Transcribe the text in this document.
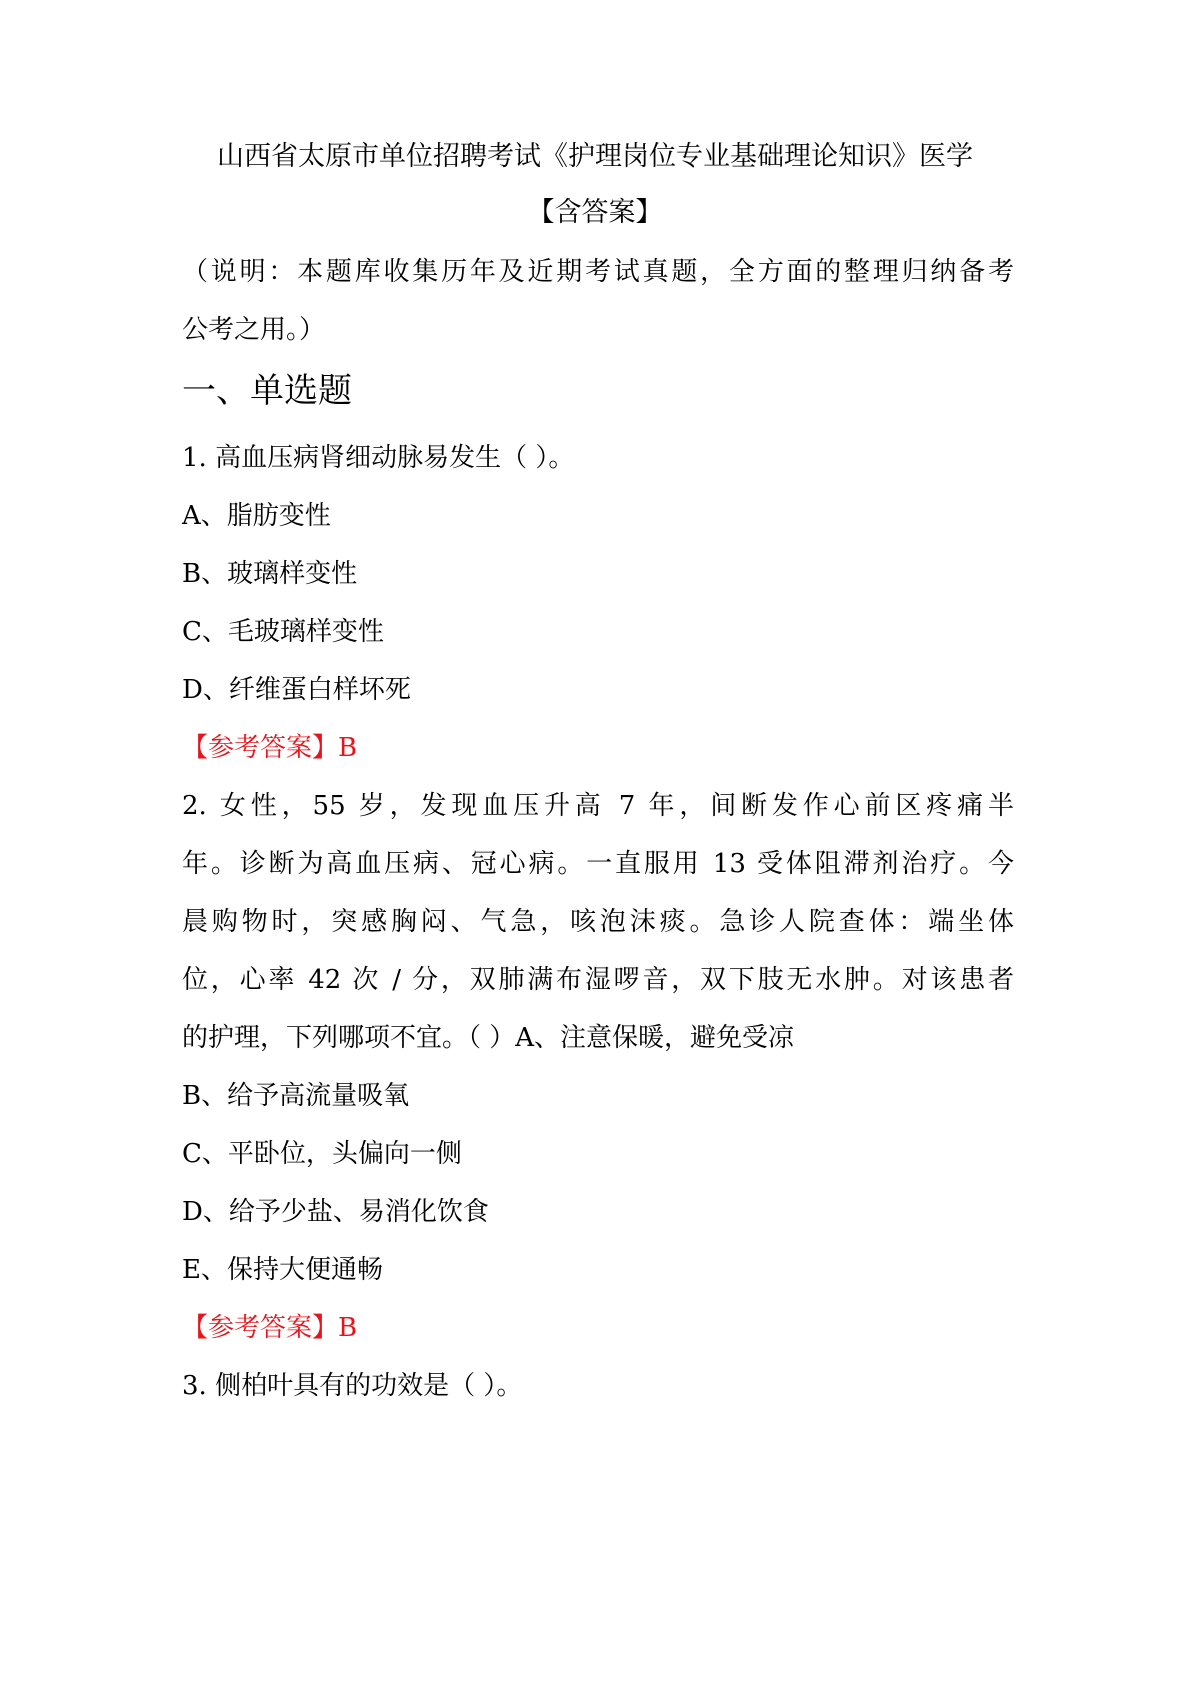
山西省太原市单位招聘考试《护理岗位专业基础理论知识》医学
【含答案】
（说明：本题库收集历年及近期考试真题，全方面的整理归纳备考
公考之用。）
一、单选题
1. 高血压病肾细动脉易发生（ ）。
A、脂肪变性
B、玻璃样变性
C、毛玻璃样变性
D、纤维蛋白样坏死
【参考答案】B
2. 女性，55 岁，发现血压升高 7 年，间断发作心前区疼痛半
年。诊断为高血压病、冠心病。一直服用 13 受体阻滞剂治疗。今
晨购物时，突感胸闷、气急，咳泡沫痰。急诊人院查体：端坐体
位，心率 42 次 / 分，双肺满布湿啰音，双下肢无水肿。对该患者
的护理，下列哪项不宜。（ ）A、注意保暖，避免受凉
B、给予高流量吸氧
C、平卧位，头偏向一侧
D、给予少盐、易消化饮食
E、保持大便通畅
【参考答案】B
3. 侧柏叶具有的功效是（ ）。
